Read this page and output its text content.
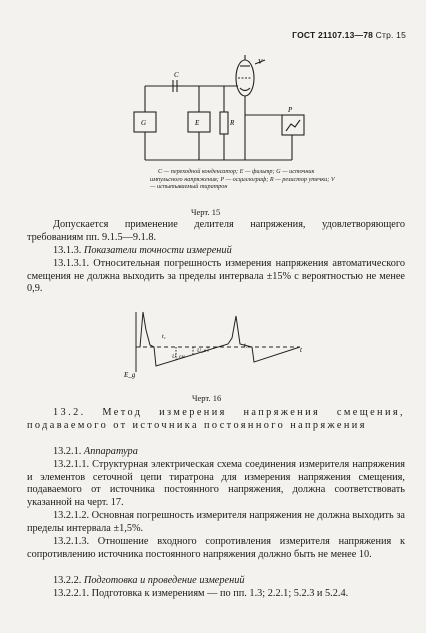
ГОСТ 21107.13—78 Стр. 15
C
V
G	E	R
P
C — переходной конденсатор; E — фильтр; G — источник импульсного напряжения; P — осциллограф; R — резистор утечки; V — испытываемый тиратрон
Черт. 15
Допускается применение делителя напряжения, удовлетворяющего требованиям пп. 9.1.5—9.1.8.
13.1.3. Показатели точности измерений
13.1.3.1. Относительная погрешность измерения напряжения автоматического смещения не должна выходить за пределы интервала ±15% с вероятностью не менее 0,9.
t₁
t₂
U_см
U_в	t
E_g
Черт. 16
13.2. Метод измерения напряжения смещения, подаваемого от источника постоянного напряжения
13.2.1. Аппаратура
13.2.1.1. Структурная электрическая схема соединения измерителя напряжения и элементов сеточной цепи тиратрона для измерения напряжения смещения, подаваемого от источника постоянного напряжения, должна соответствовать указанной на черт. 17.
13.2.1.2. Основная погрешность измерителя напряжения не должна выходить за пределы интервала ±1,5%.
13.2.1.3. Отношение входного сопротивления измерителя напряжения к сопротивлению источника постоянного напряжения должно быть не менее 10.
13.2.2. Подготовка и проведение измерений
13.2.2.1. Подготовка к измерениям — по пп. 1.3; 2.2.1; 5.2.3 и 5.2.4.
